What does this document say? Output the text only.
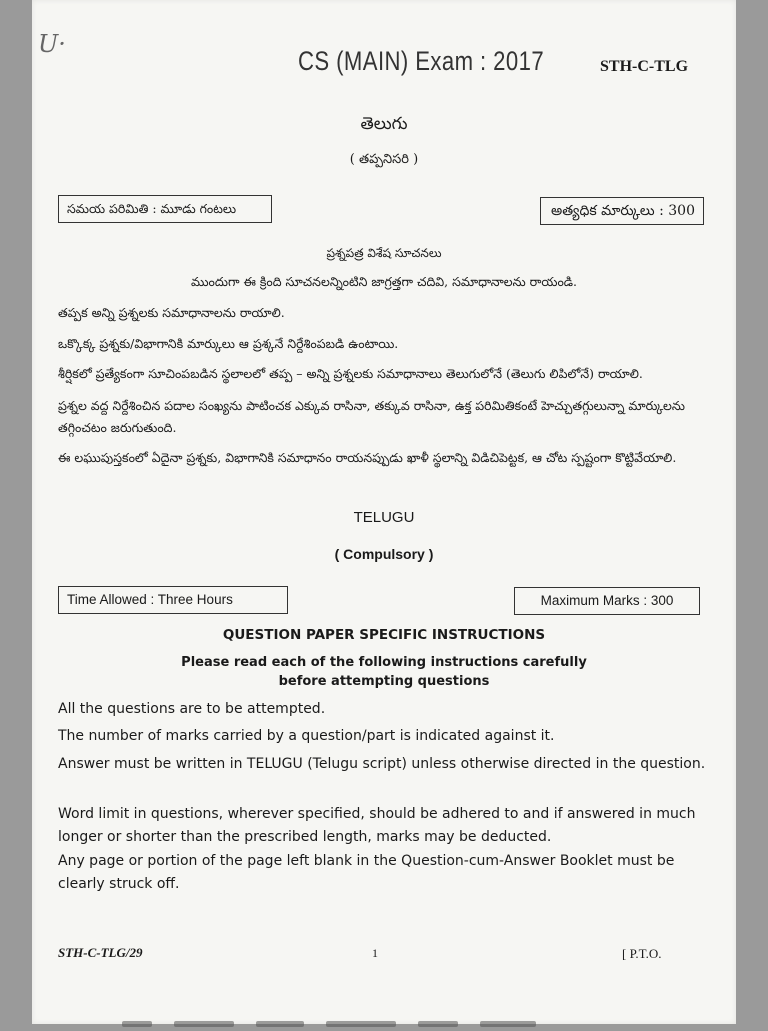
U·
CS (MAIN) Exam : 2017	STH-C-TLG
తెలుగు
( తప్పనిసరి )
సమయ పరిమితి : మూడు గంటలు	అత్యధిక మార్కులు : 300
ప్రశ్నపత్ర విశేష సూచనలు
ముందుగా ఈ క్రింది సూచనలన్నింటిని జాగ్రత్తగా చదివి, సమాధానాలను రాయండి.
తప్పక అన్ని ప్రశ్నలకు సమాధానాలను రాయాలి.
ఒక్కొక్క ప్రశ్నకు/విభాగానికి మార్కులు ఆ ప్రశ్కనే నిర్దేశింపబడి ఉంటాయి.
శీర్షికలో ప్రత్యేకంగా సూచింపబడిన స్థలాలలో తప్ప – అన్ని ప్రశ్నలకు సమాధానాలు తెలుగులోనే (తెలుగు లిపిలోనే) రాయాలి.
ప్రశ్నల వద్ద నిర్దేశించిన పదాల సంఖ్యను పాటించక ఎక్కువ రాసినా, తక్కువ రాసినా, ఉక్త పరిమితికంటే హెచ్చుతగ్గులున్నా మార్కులను
తగ్గించటం జరుగుతుంది.
ఈ లఘుపుస్తకంలో ఏదైనా ప్రశ్నకు, విభాగానికి సమాధానం రాయనప్పుడు ఖాళీ స్థలాన్ని విడిచిపెట్టక, ఆ చోట స్పష్టంగా కొట్టివేయాలి.
TELUGU
( Compulsory )
Time Allowed : Three Hours	Maximum Marks : 300
QUESTION PAPER SPECIFIC INSTRUCTIONS
Please read each of the following instructions carefully
before attempting questions
All the questions are to be attempted.
The number of marks carried by a question/part is indicated against it.
Answer must be written in TELUGU (Telugu script) unless otherwise directed in the question.
Word limit in questions, wherever specified, should be adhered to and if answered in much longer or shorter than the prescribed length, marks may be deducted.
Any page or portion of the page left blank in the Question-cum-Answer Booklet must be clearly struck off.
STH-C-TLG/29	1	[ P.T.O.
